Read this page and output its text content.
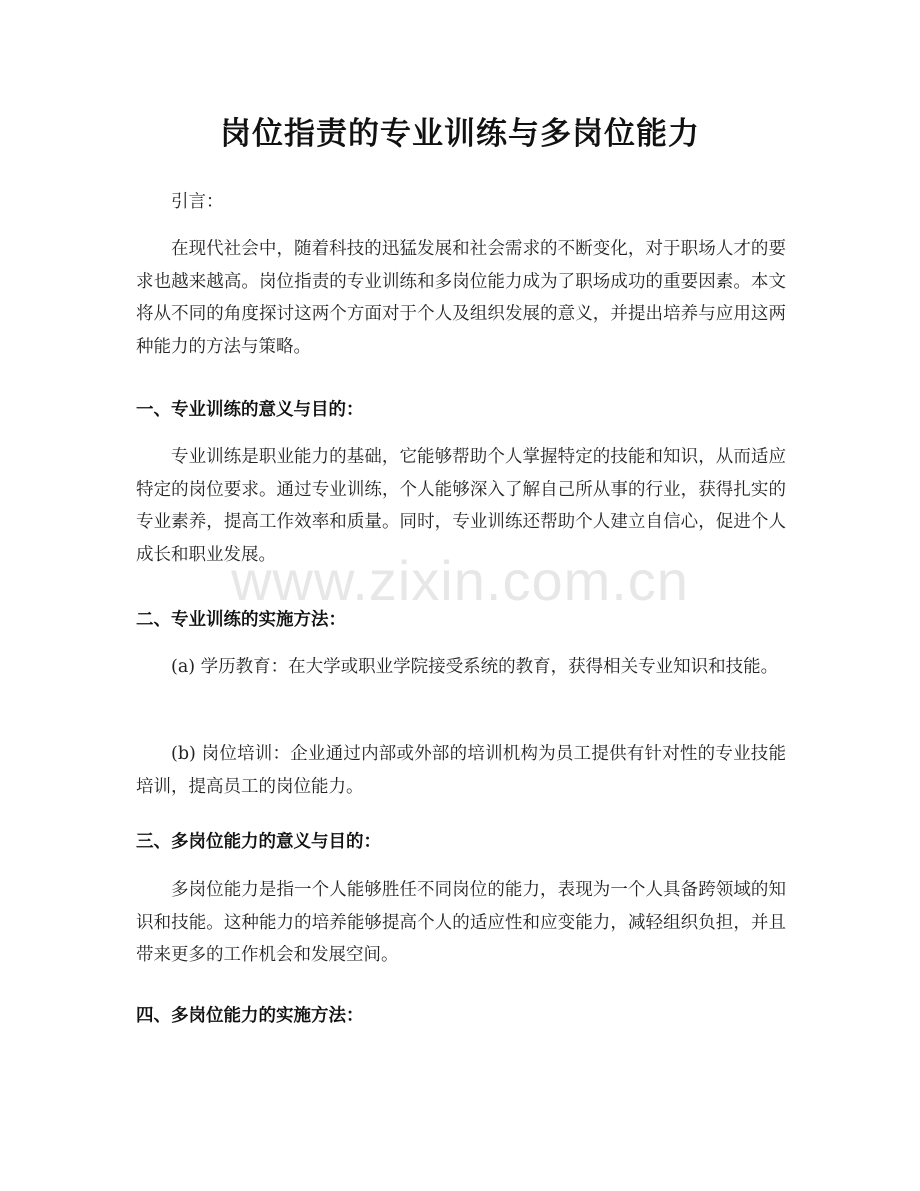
岗位指责的专业训练与多岗位能力
引言：
在现代社会中，随着科技的迅猛发展和社会需求的不断变化，对于职场人才的要求也越来越高。岗位指责的专业训练和多岗位能力成为了职场成功的重要因素。本文将从不同的角度探讨这两个方面对于个人及组织发展的意义，并提出培养与应用这两种能力的方法与策略。
一、专业训练的意义与目的：
专业训练是职业能力的基础，它能够帮助个人掌握特定的技能和知识，从而适应特定的岗位要求。通过专业训练，个人能够深入了解自己所从事的行业，获得扎实的专业素养，提高工作效率和质量。同时，专业训练还帮助个人建立自信心，促进个人成长和职业发展。
二、专业训练的实施方法：
(a) 学历教育：在大学或职业学院接受系统的教育，获得相关专业知识和技能。
(b) 岗位培训：企业通过内部或外部的培训机构为员工提供有针对性的专业技能培训，提高员工的岗位能力。
三、多岗位能力的意义与目的：
多岗位能力是指一个人能够胜任不同岗位的能力，表现为一个人具备跨领域的知识和技能。这种能力的培养能够提高个人的适应性和应变能力，减轻组织负担，并且带来更多的工作机会和发展空间。
四、多岗位能力的实施方法：
www.zixin.com.cn
